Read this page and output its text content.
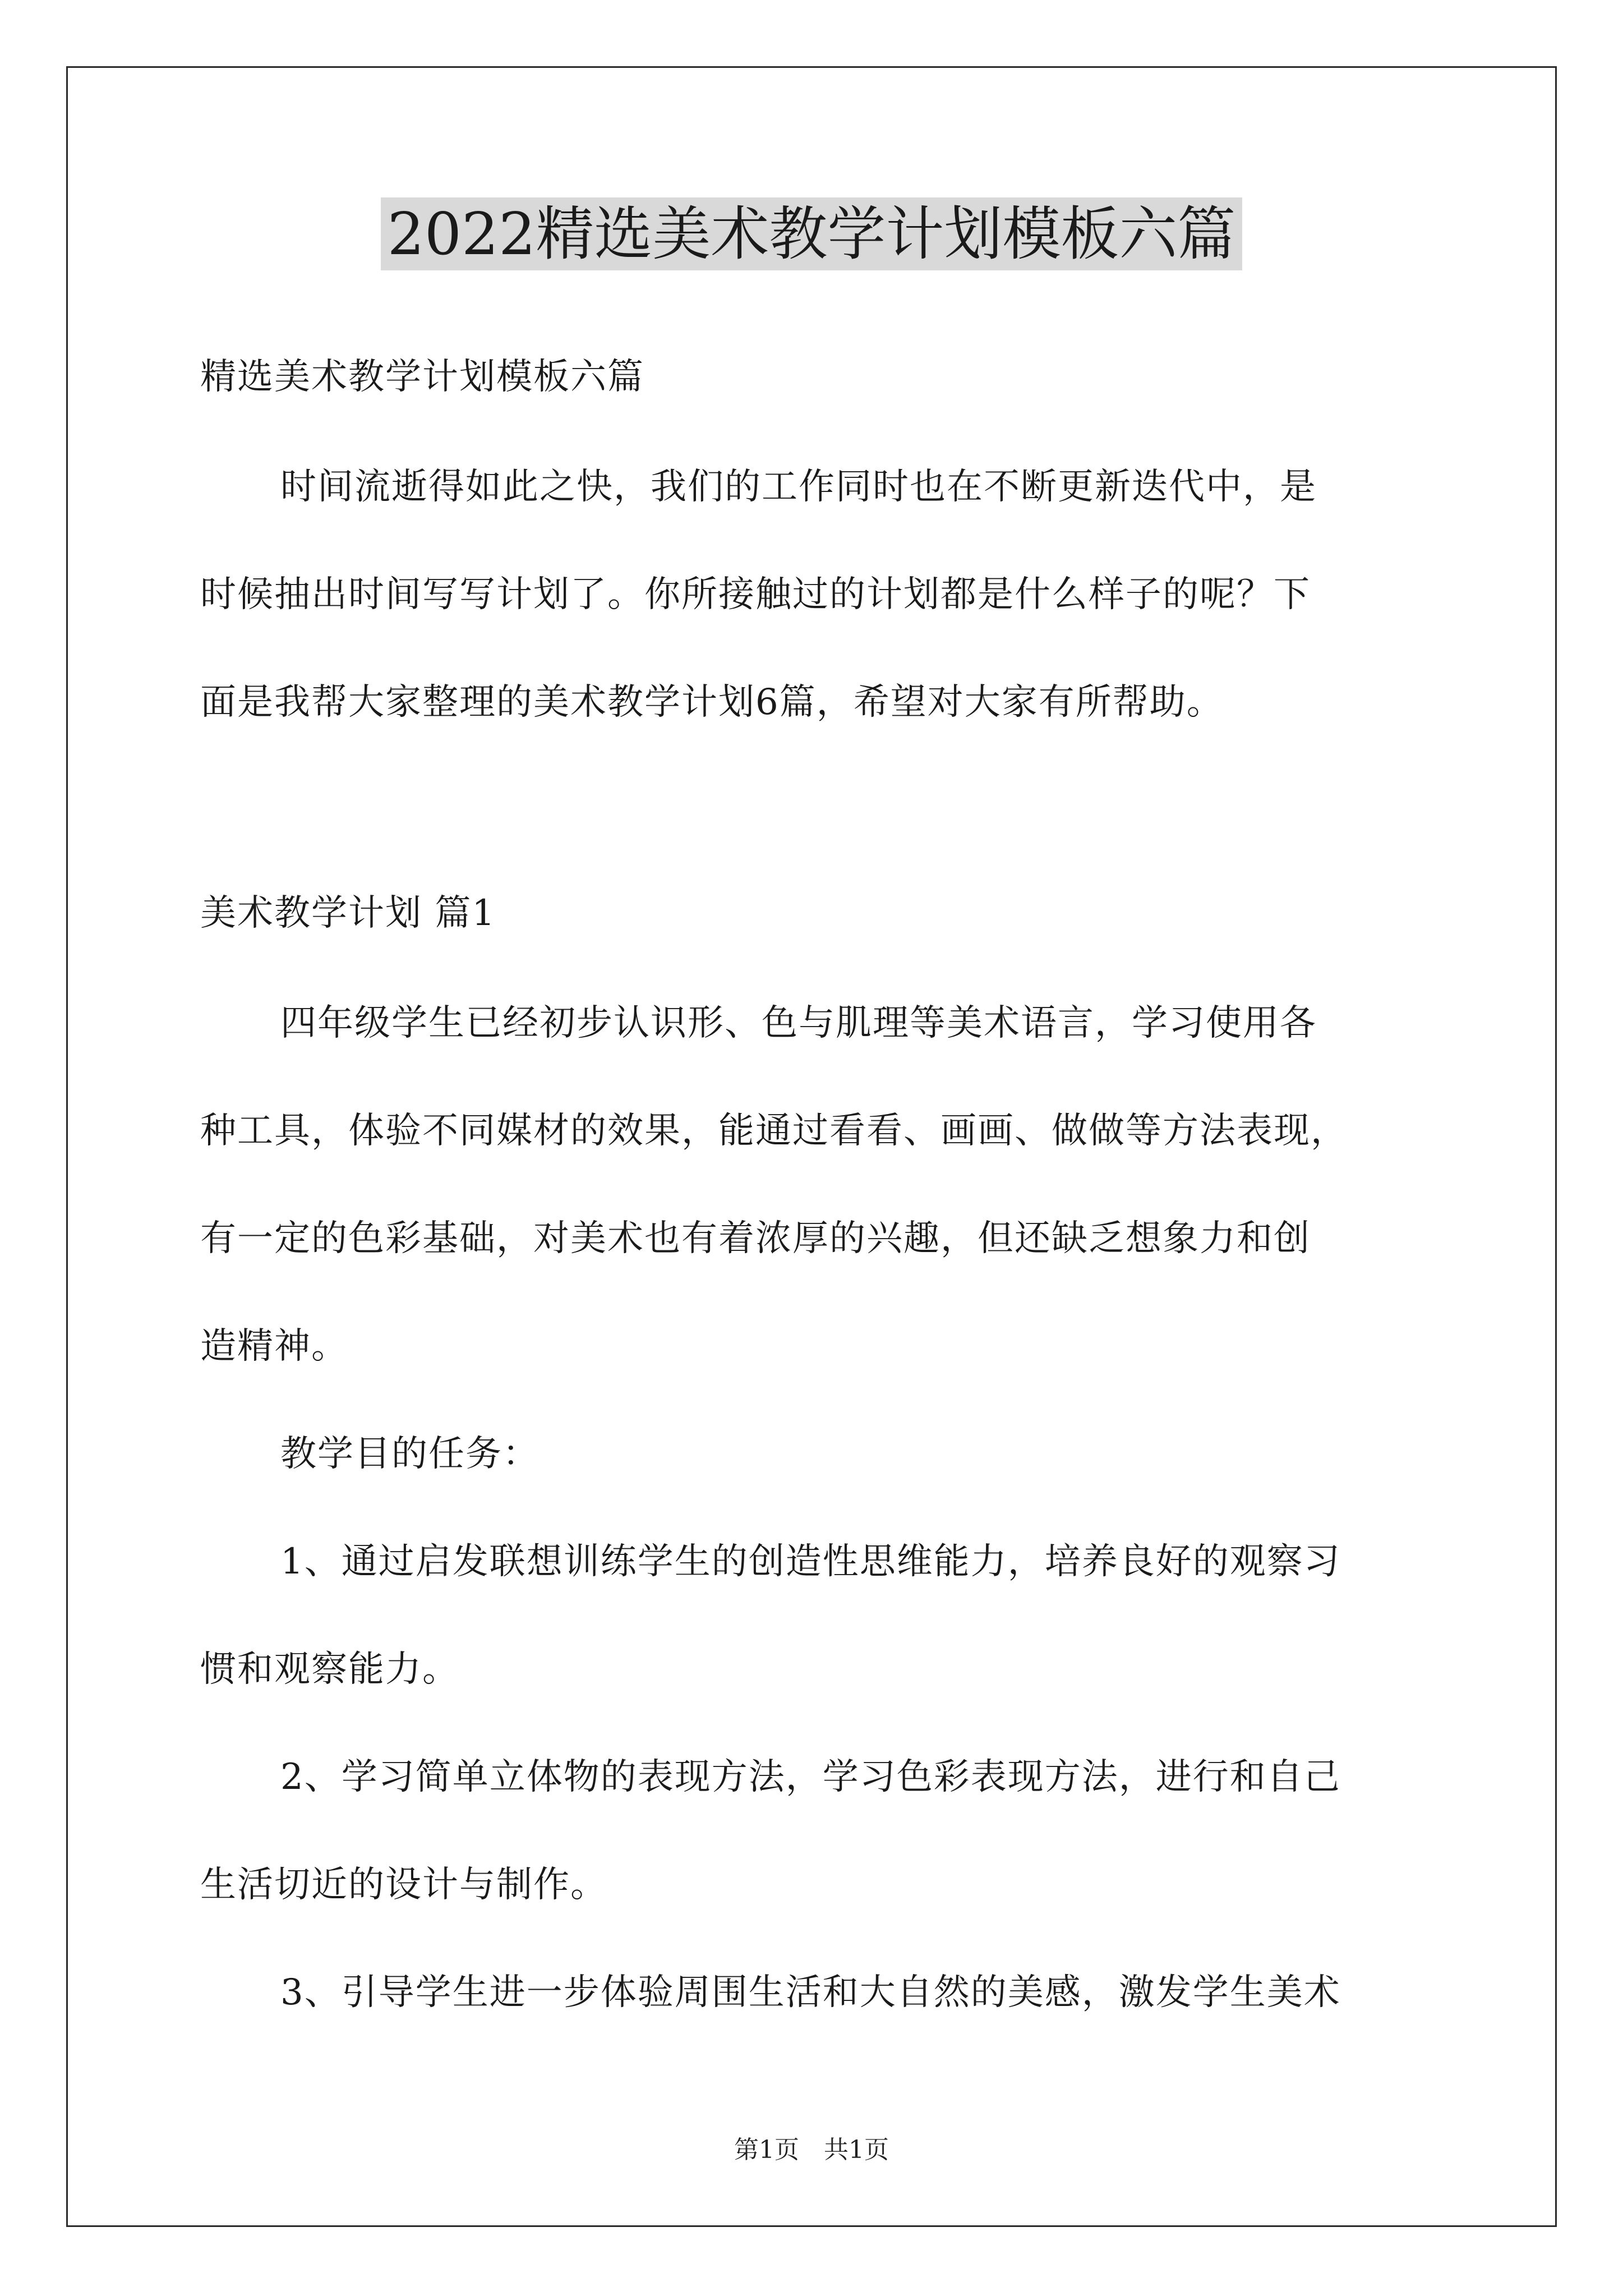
2022精选美术教学计划模板六篇
精选美术教学计划模板六篇
时间流逝得如此之快，我们的工作同时也在不断更新迭代中，是
时候抽出时间写写计划了。你所接触过的计划都是什么样子的呢？下
面是我帮大家整理的美术教学计划6篇，希望对大家有所帮助。
美术教学计划 篇1
四年级学生已经初步认识形、色与肌理等美术语言，学习使用各
种工具，体验不同媒材的效果，能通过看看、画画、做做等方法表现，
有一定的色彩基础，对美术也有着浓厚的兴趣，但还缺乏想象力和创
造精神。
教学目的任务：
1、通过启发联想训练学生的创造性思维能力，培养良好的观察习
惯和观察能力。
2、学习简单立体物的表现方法，学习色彩表现方法，进行和自己
生活切近的设计与制作。
3、引导学生进一步体验周围生活和大自然的美感，激发学生美术
第1页　共1页
